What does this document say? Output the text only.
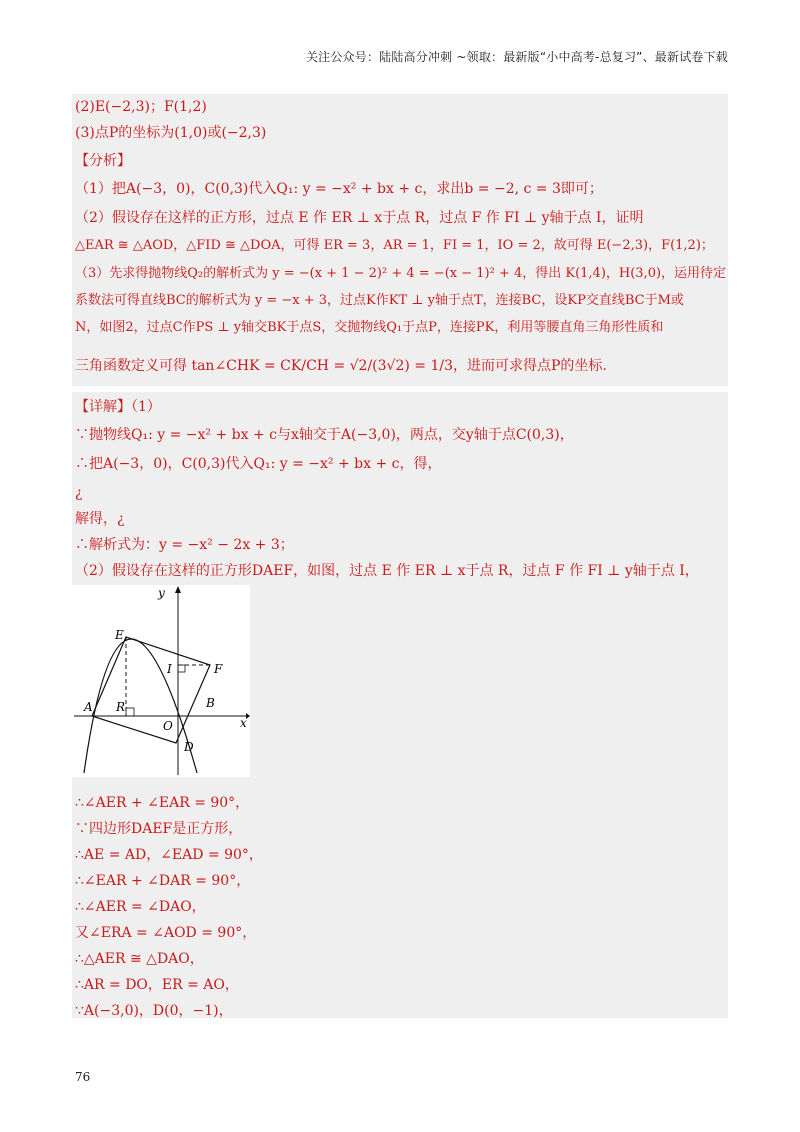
关注公众号：陆陆高分冲刺 ~领取：最新版“小中高考-总复习”、最新试卷下载
(2)E(−2,3)；F(1,2)
(3)点P的坐标为(1,0)或(−2,3)
【分析】
（1）把A(−3，0)，C(0,3)代入Q₁: y = −x² + bx + c，求出b = −2, c = 3即可；
（2）假设存在这样的正方形，过点 E 作 ER ⊥ x于点 R，过点 F 作 FI ⊥ y轴于点 I，证明
△EAR ≅ △AOD，△FID ≅ △DOA，可得 ER = 3，AR = 1，FI = 1，IO = 2，故可得 E(−2,3)，F(1,2)；
（3）先求得抛物线Q₂的解析式为 y = −(x + 1 − 2)² + 4 = −(x − 1)² + 4，得出 K(1,4)，H(3,0)，运用待定
系数法可得直线BC的解析式为 y = −x + 3，过点K作KT ⊥ y轴于点T，连接BC，设KP交直线BC于M或
N，如图2，过点C作PS ⊥ y轴交BK于点S，交抛物线Q₁于点P，连接PK，利用等腰直角三角形性质和
三角函数定义可得 tan∠CHK = CK/CH = √2/(3√2) = 1/3，进而可求得点P的坐标.
【详解】（1）
∵抛物线Q₁: y = −x² + bx + c与x轴交于A(−3,0)，两点，交y轴于点C(0,3)，
∴把A(−3，0)，C(0,3)代入Q₁: y = −x² + bx + c，得，
¿
解得，¿
∴解析式为：y = −x² − 2x + 3；
（2）假设存在这样的正方形DAEF，如图，过点 E 作 ER ⊥ x于点 R，过点 F 作 FI ⊥ y轴于点 I，
y
x
E
F
I
A R
O
B
D
∴∠AER + ∠EAR = 90°，
∵四边形DAEF是正方形，
∴AE = AD，∠EAD = 90°，
∴∠EAR + ∠DAR = 90°，
∴∠AER = ∠DAO，
又∠ERA = ∠AOD = 90°，
∴△AER ≅ △DAO，
∴AR = DO，ER = AO，
∵A(−3,0)，D(0，−1)，
76
